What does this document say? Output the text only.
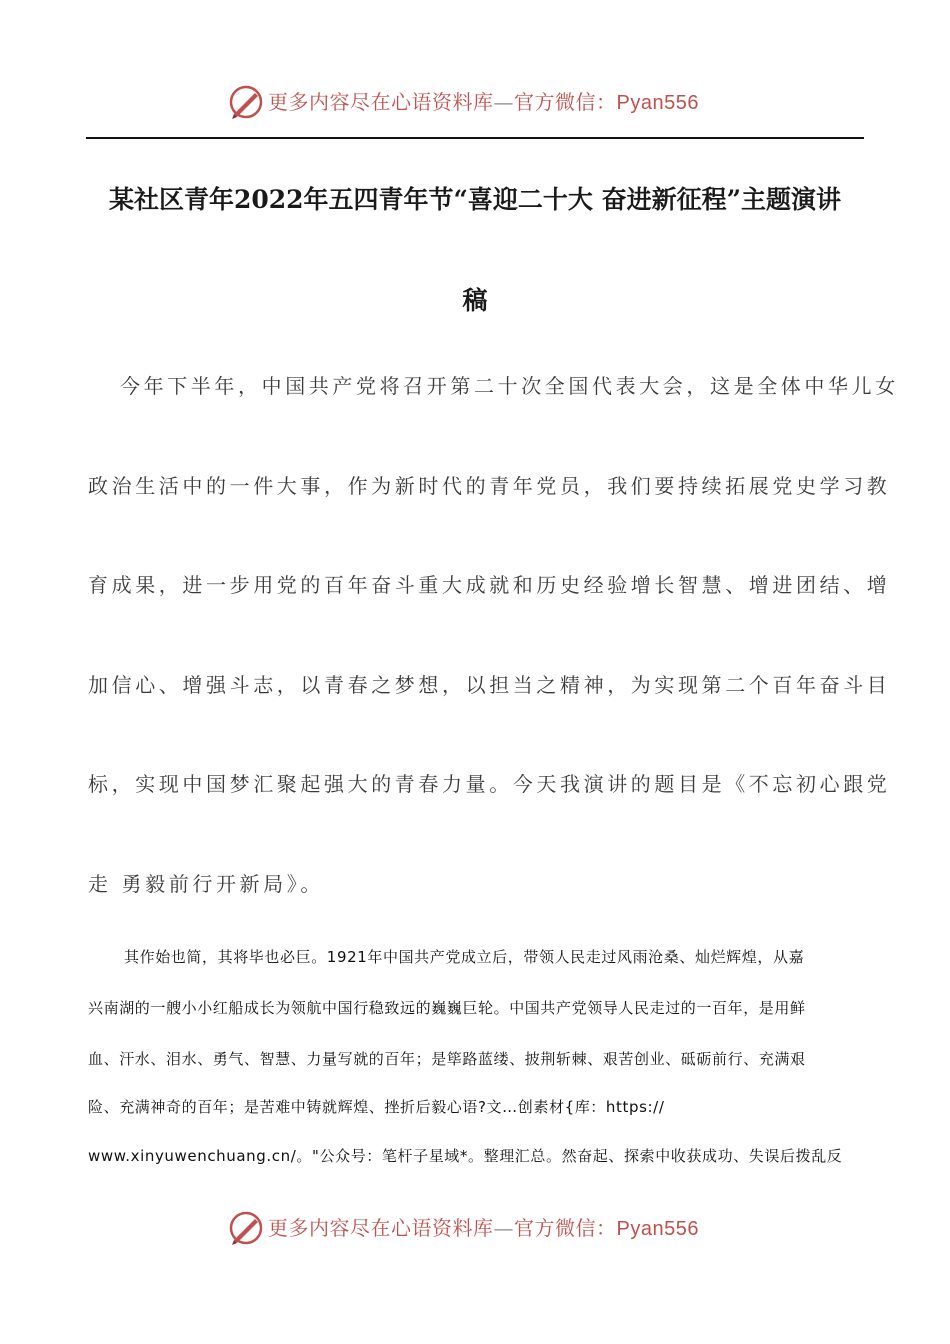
更多内容尽在心语资料库—官方微信：Pyan556
某社区青年2022年五四青年节“喜迎二十大 奋进新征程”主题演讲
稿
今年下半年，中国共产党将召开第二十次全国代表大会，这是全体中华儿女
政治生活中的一件大事，作为新时代的青年党员，我们要持续拓展党史学习教
育成果，进一步用党的百年奋斗重大成就和历史经验增长智慧、增进团结、增
加信心、增强斗志，以青春之梦想，以担当之精神，为实现第二个百年奋斗目
标，实现中国梦汇聚起强大的青春力量。今天我演讲的题目是《不忘初心跟党
走 勇毅前行开新局》。
其作始也简，其将毕也必巨。1921年中国共产党成立后，带领人民走过风雨沧桑、灿烂辉煌，从嘉
兴南湖的一艘小小红船成长为领航中国行稳致远的巍巍巨轮。中国共产党领导人民走过的一百年，是用鲜
血、汗水、泪水、勇气、智慧、力量写就的百年；是筚路蓝缕、披荆斩棘、艰苦创业、砥砺前行、充满艰
险、充满神奇的百年；是苦难中铸就辉煌、挫折后毅心语?文…创素材{库：https://
www.xinyuwenchuang.cn/。"公众号：笔杆子星域*。整理汇总。然奋起、探索中收获成功、失误后拨乱反
更多内容尽在心语资料库—官方微信：Pyan556
